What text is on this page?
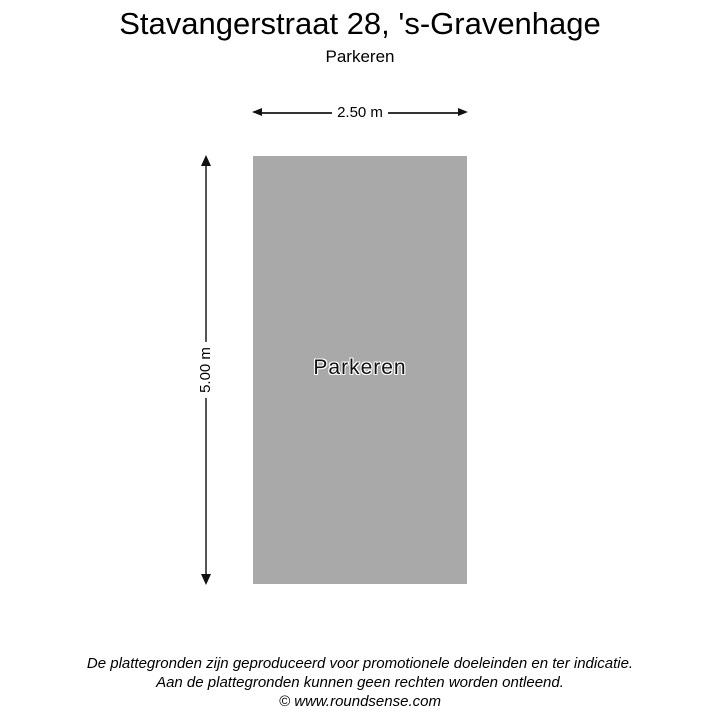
Stavangerstraat 28, 's-Gravenhage
Parkeren
2.50 m
5.00 m	Parkeren
De plattegronden zijn geproduceerd voor promotionele doeleinden en ter indicatie.
Aan de plattegronden kunnen geen rechten worden ontleend.
© www.roundsense.com
